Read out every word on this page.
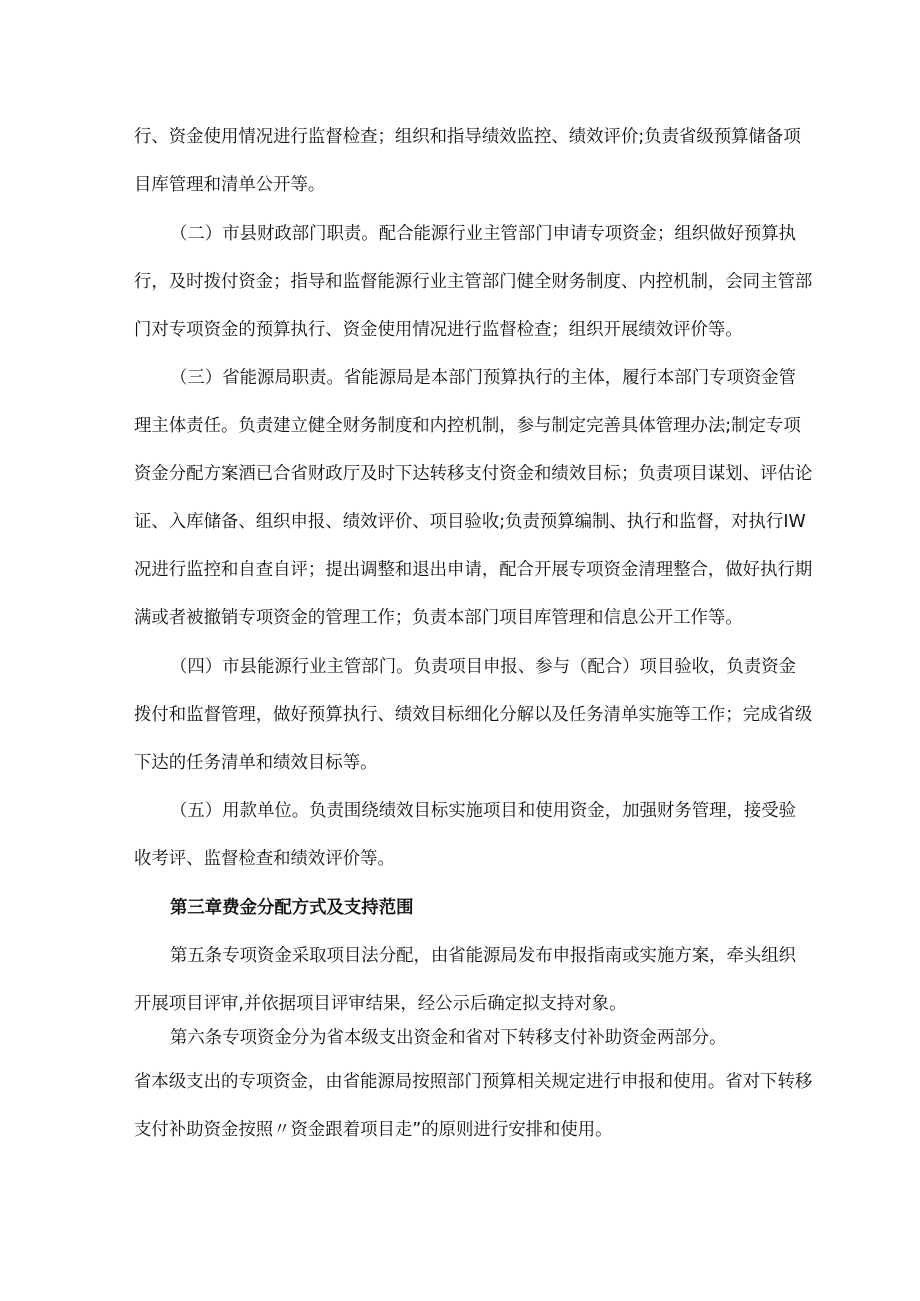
行、资金使用情况进行监督检查；组织和指导绩效监控、绩效评价;负责省级预算储备项
目库管理和清单公开等。
（二）市县财政部门职责。配合能源行业主管部门申请专项资金；组织做好预算执
行，及时拨付资金；指导和监督能源行业主管部门健全财务制度、内控机制，会同主管部
门对专项资金的预算执行、资金使用情况进行监督检查；组织开展绩效评价等。
（三）省能源局职责。省能源局是本部门预算执行的主体，履行本部门专项资金管
理主体责任。负责建立健全财务制度和内控机制，参与制定完善具体管理办法;制定专项
资金分配方案酒已合省财政厅及时下达转移支付资金和绩效目标；负责项目谋划、评估论
证、入库储备、组织申报、绩效评价、项目验收;负责预算编制、执行和监督，对执行IW
况进行监控和自查自评；提出调整和退出申请，配合开展专项资金清理整合，做好执行期
满或者被撤销专项资金的管理工作；负责本部门项目库管理和信息公开工作等。
（四）市县能源行业主管部门。负责项目申报、参与（配合）项目验收，负责资金
拨付和监督管理，做好预算执行、绩效目标细化分解以及任务清单实施等工作；完成省级
下达的任务清单和绩效目标等。
（五）用款单位。负责围绕绩效目标实施项目和使用资金，加强财务管理，接受验
收考评、监督检查和绩效评价等。
第三章费金分配方式及支持范围
第五条专项资金采取项目法分配，由省能源局发布申报指南或实施方案，牵头组织
开展项目评审,并依据项目评审结果，经公示后确定拟支持对象。
第六条专项资金分为省本级支出资金和省对下转移支付补助资金两部分。
省本级支出的专项资金，由省能源局按照部门预算相关规定进行申报和使用。省对下转移
支付补助资金按照〃资金跟着项目走”的原则进行安排和使用。
